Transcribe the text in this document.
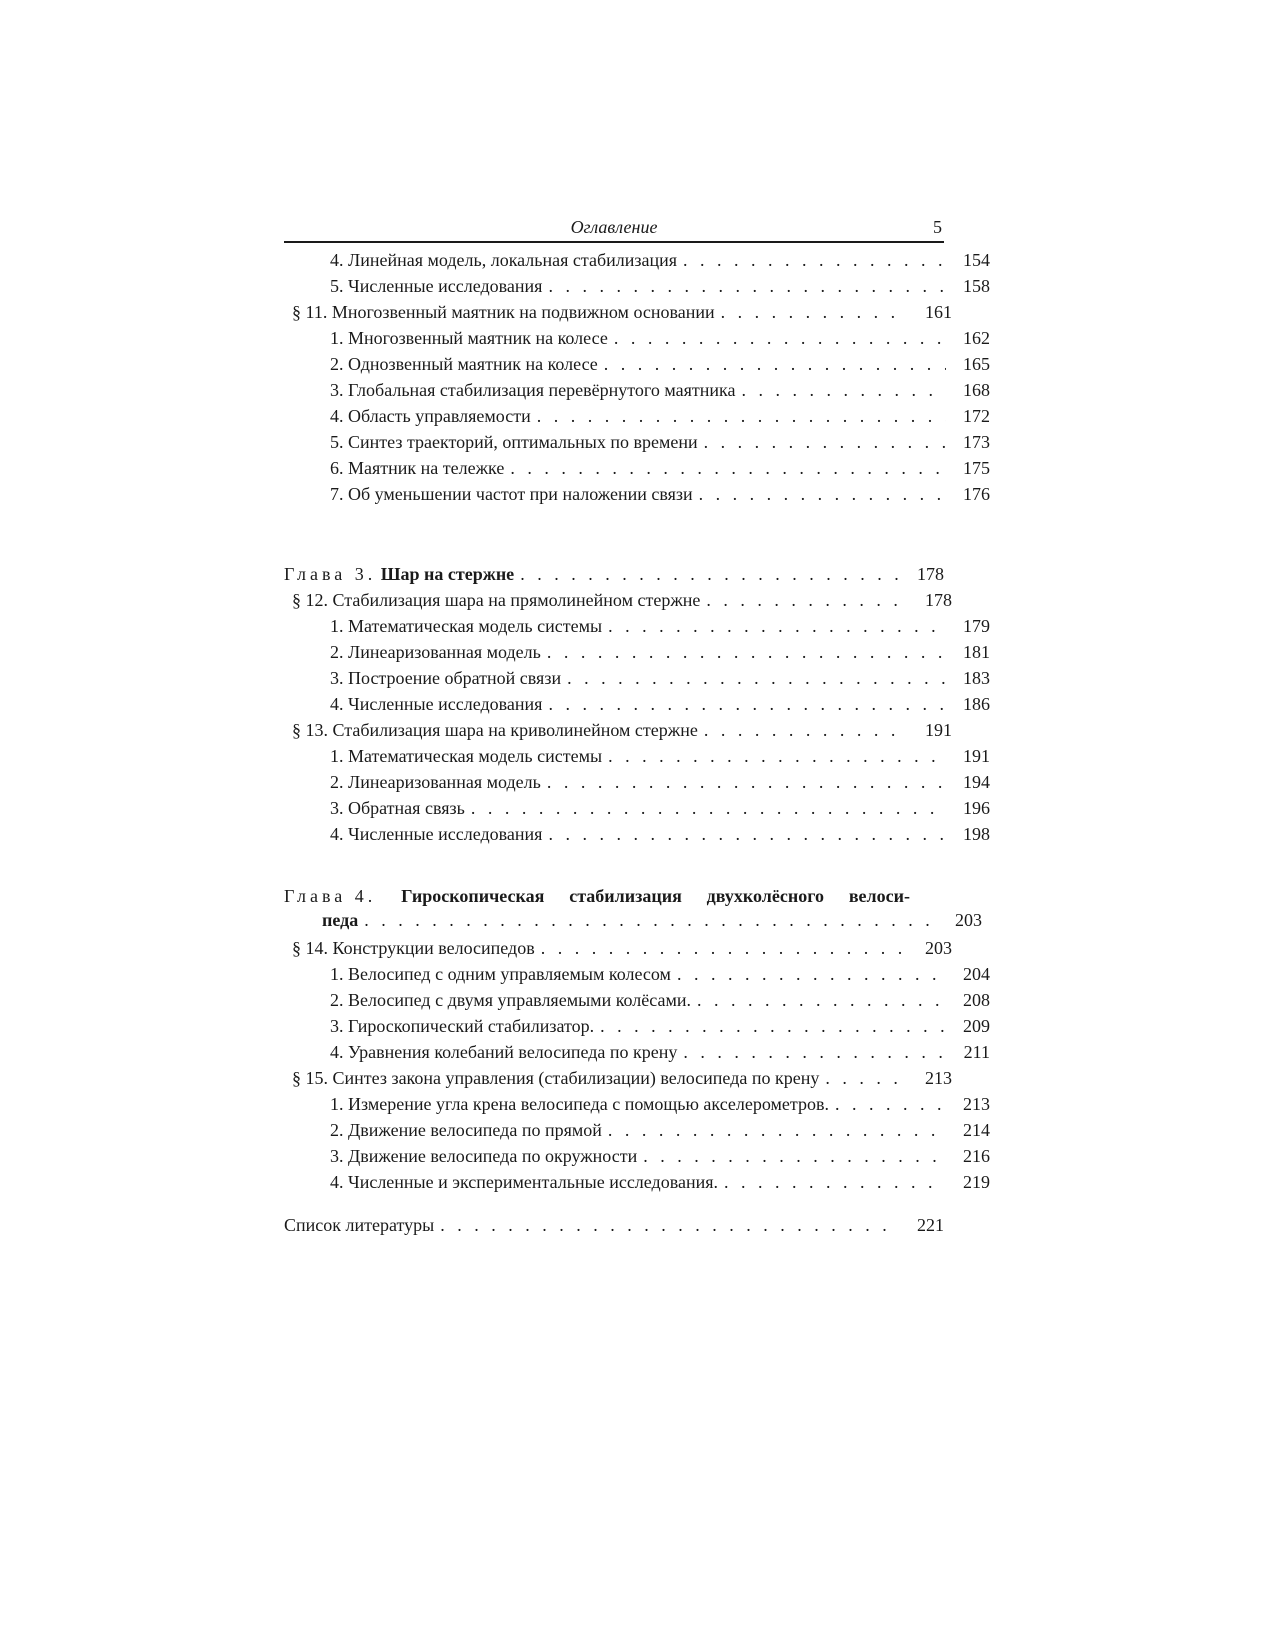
Оглавление	5
4. Линейная модель, локальная стабилизация . . .	154
5. Численные исследования . . .	158
§ 11. Многозвенный маятник на подвижном основании . . .	161
1. Многозвенный маятник на колесе . . .	162
2. Однозвенный маятник на колесе . . .	165
3. Глобальная стабилизация перевёрнутого маятника . . .	168
4. Область управляемости . . .	172
5. Синтез траекторий, оптимальных по времени . . .	173
6. Маятник на тележке . . .	175
7. Об уменьшении частот при наложении связи . . .	176
Глава 3. Шар на стержне . . .	178
§ 12. Стабилизация шара на прямолинейном стержне . . .	178
1. Математическая модель системы . . .	179
2. Линеаризованная модель . . .	181
3. Построение обратной связи . . .	183
4. Численные исследования . . .	186
§ 13. Стабилизация шара на криволинейном стержне . . .	191
1. Математическая модель системы . . .	191
2. Линеаризованная модель . . .	194
3. Обратная связь . . .	196
4. Численные исследования . . .	198
Глава 4. Гироскопическая стабилизация двухколёсного велоси-
педа . . .	203
§ 14. Конструкции велосипедов . . .	203
1. Велосипед с одним управляемым колесом . . .	204
2. Велосипед с двумя управляемыми колёсами. . . .	208
3. Гироскопический стабилизатор. . . .	209
4. Уравнения колебаний велосипеда по крену . . .	211
§ 15. Синтез закона управления (стабилизации) велосипеда по крену . . .	213
1. Измерение угла крена велосипеда с помощью акселерометров. . . .	213
2. Движение велосипеда по прямой . . .	214
3. Движение велосипеда по окружности . . .	216
4. Численные и экспериментальные исследования. . . .	219
Список литературы . . .	221
